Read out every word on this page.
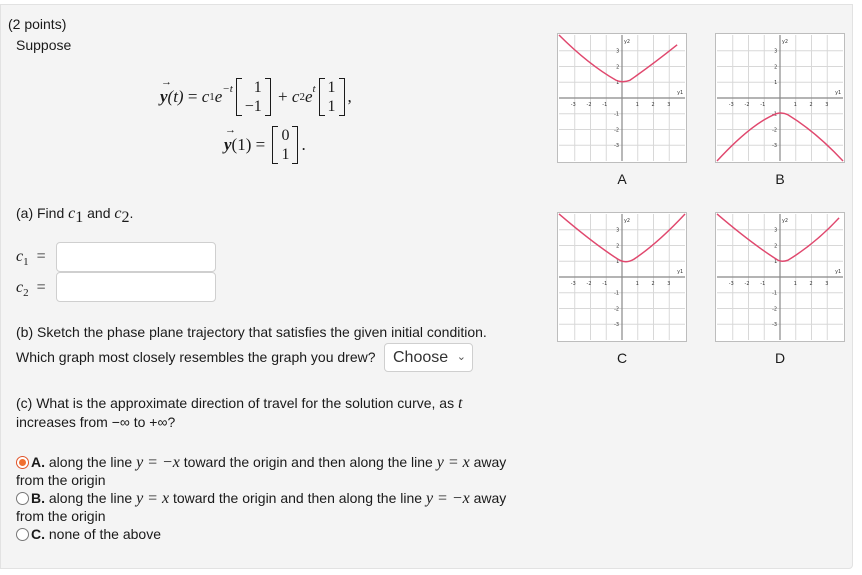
(2 points)
Suppose
→ y (t) = c 1 $e^{-t}$ 1
−1

+
c 2 $e^t$ 1
1
,
→ y (1) = 0
1
.
(a) Find $c_1$ and $c_2$.
$c_1$ =
$c_2$ =
(b) Sketch the phase plane trajectory that satisfies the given initial condition.
Which graph most closely resembles the graph you drew? Choose ⌄
(c) What is the approximate direction of travel for the solution curve, as t
increases from −∞ to +∞?
A. along the line y = −x toward the origin and then along the line y = x away
from the origin
B. along the line y = x toward the origin and then along the line y = −x away
from the origin
C. none of the above
A	B
C	D
